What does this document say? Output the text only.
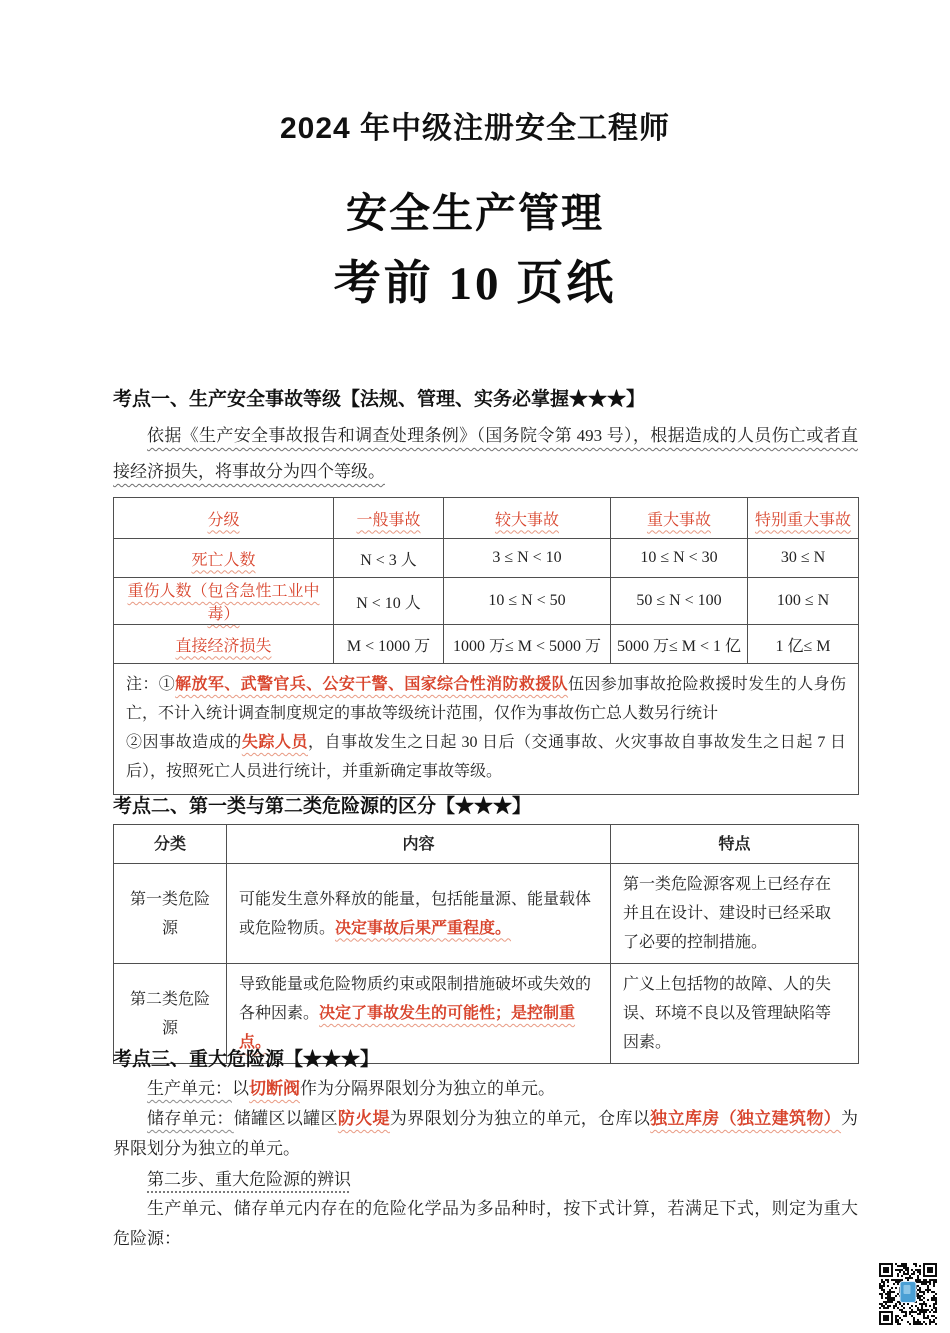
2024 年中级注册安全工程师
安全生产管理
考前 10 页纸
考点一、生产安全事故等级【法规、管理、实务必掌握★★★】

依据《生产安全事故报告和调查处理条例》（国务院令第 493 号），根据造成的人员伤亡或者直接经济损失，将事故分为四个等级。

分级	一般事故	较大事故	重大事故	特别重大事故
死亡人数	N < 3 人	3 ≤ N < 10	10 ≤ N < 30	30 ≤ N
重伤人数（包含急性工业中毒）	N < 10 人	10 ≤ N < 50	50 ≤ N < 100	100 ≤ N
直接经济损失	M < 1000 万	1000 万≤ M < 5000 万	5000 万≤ M < 1 亿	1 亿≤ M

注：①解放军、武警官兵、公安干警、国家综合性消防救援队伍因参加事故抢险救援时发生的人身伤亡，不计入统计调查制度规定的事故等级统计范围，仅作为事故伤亡总人数另行统计

②因事故造成的失踪人员，自事故发生之日起 30 日后（交通事故、火灾事故自事故发生之日起 7 日后），按照死亡人员进行统计，并重新确定事故等级。				

考点二、第一类与第二类危险源的区分【★★★】
分类	内容	特点
第一类危险源	可能发生意外释放的能量，包括能量源、能量载体或危险物质。决定事故后果严重程度。	第一类危险源客观上已经存在并且在设计、建设时已经采取了必要的控制措施。
第二类危险源	导致能量或危险物质约束或限制措施破坏或失效的各种因素。决定了事故发生的可能性；是控制重点。	广义上包括物的故障、人的失误、环境不良以及管理缺陷等因素。
考点三、重大危险源【★★★】

生产单元：以切断阀作为分隔界限划分为独立的单元。

储存单元：储罐区以罐区防火堤为界限划分为独立的单元，仓库以独立库房（独立建筑物）为界限划分为独立的单元。

第二步、重大危险源的辨识

生产单元、储存单元内存在的危险化学品为多品种时，按下式计算，若满足下式，则定为重大危险源：
